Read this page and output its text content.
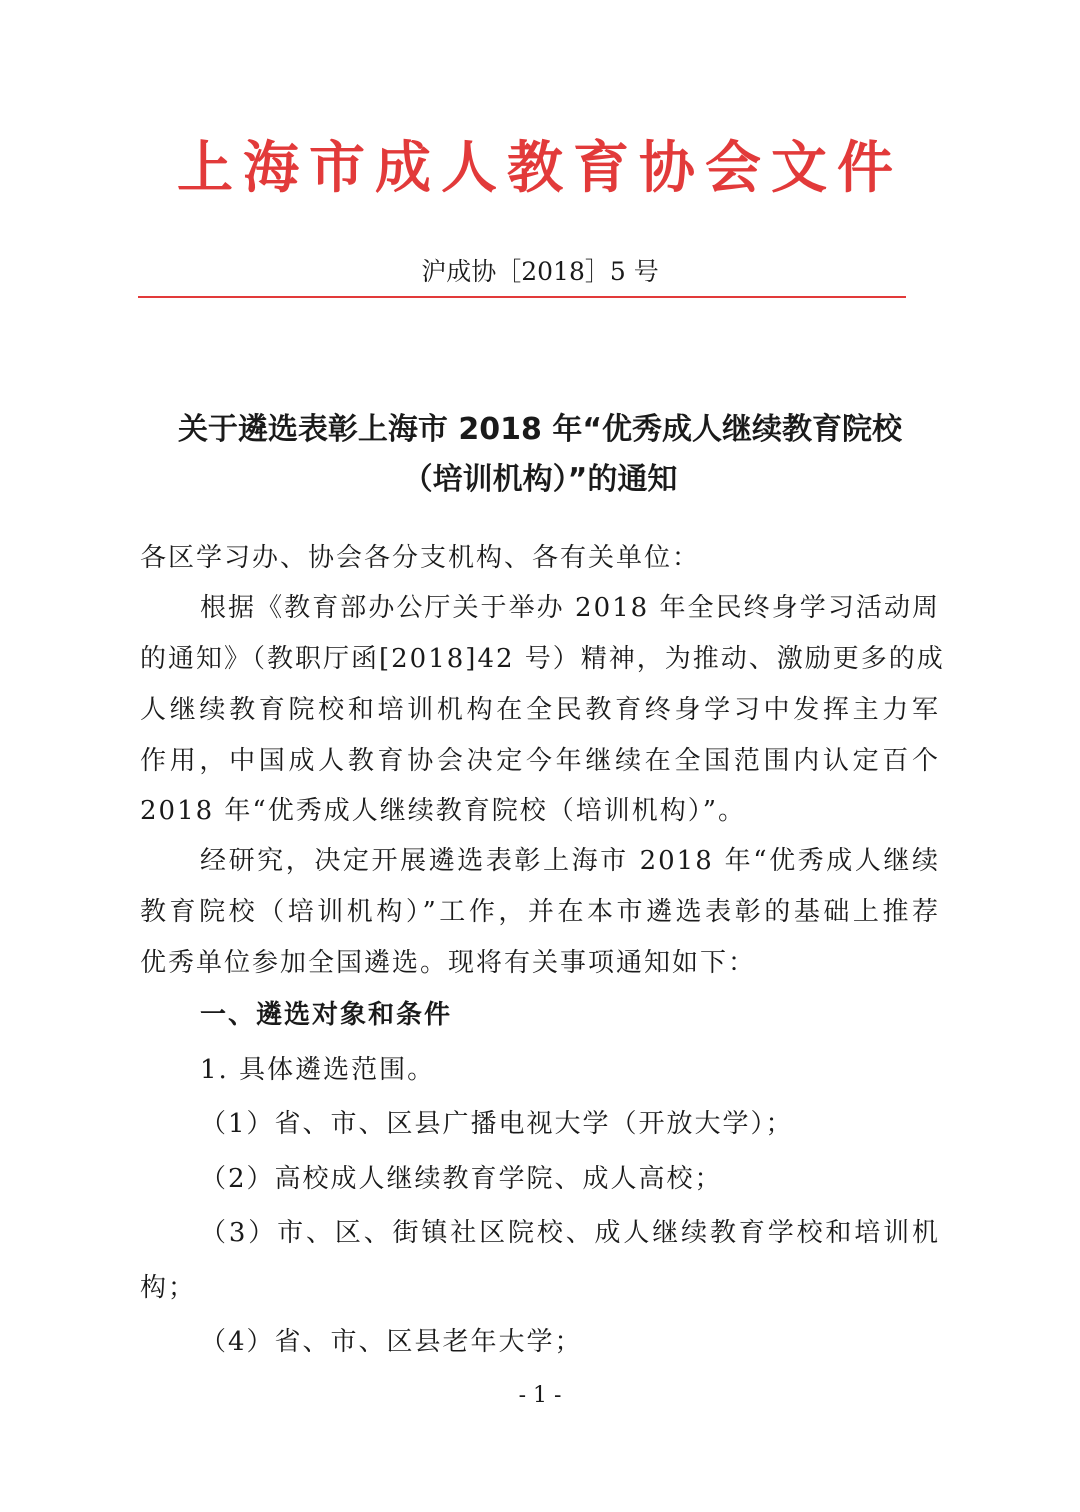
上海市成人教育协会文件
沪成协［2018］5 号
关于遴选表彰上海市 2018 年“优秀成人继续教育院校
（培训机构）”的通知
各区学习办、协会各分支机构、各有关单位：
根据《教育部办公厅关于举办 2018 年全民终身学习活动周
的通知》（教职厅函[2018]42 号）精神，为推动、激励更多的成
人继续教育院校和培训机构在全民教育终身学习中发挥主力军
作用，中国成人教育协会决定今年继续在全国范围内认定百个
2018 年“优秀成人继续教育院校（培训机构）”。
经研究，决定开展遴选表彰上海市 2018 年“优秀成人继续
教育院校（培训机构）”工作，并在本市遴选表彰的基础上推荐
优秀单位参加全国遴选。现将有关事项通知如下：
一、遴选对象和条件
1. 具体遴选范围。
（1）省、市、区县广播电视大学（开放大学）；
（2）高校成人继续教育学院、成人高校；
（3）市、区、街镇社区院校、成人继续教育学校和培训机
构；
（4）省、市、区县老年大学；
- 1 -
